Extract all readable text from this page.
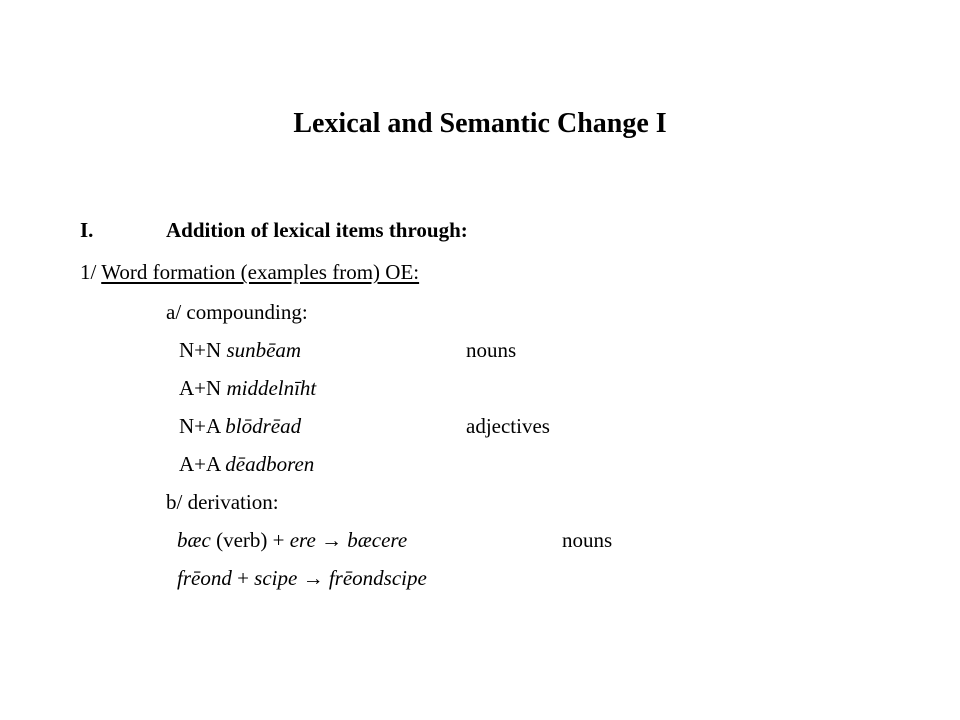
Lexical and Semantic Change I
I.	Addition of lexical items through:
1/ Word formation (examples from) OE:
a/ compounding:
N+N sunbēam	nouns
A+N middelnīht
N+A blōdrēad	adjectives
A+A dēadboren
b/ derivation:
bæc (verb) + ere → bæcere	nouns
frēond + scipe → frēondscipe
